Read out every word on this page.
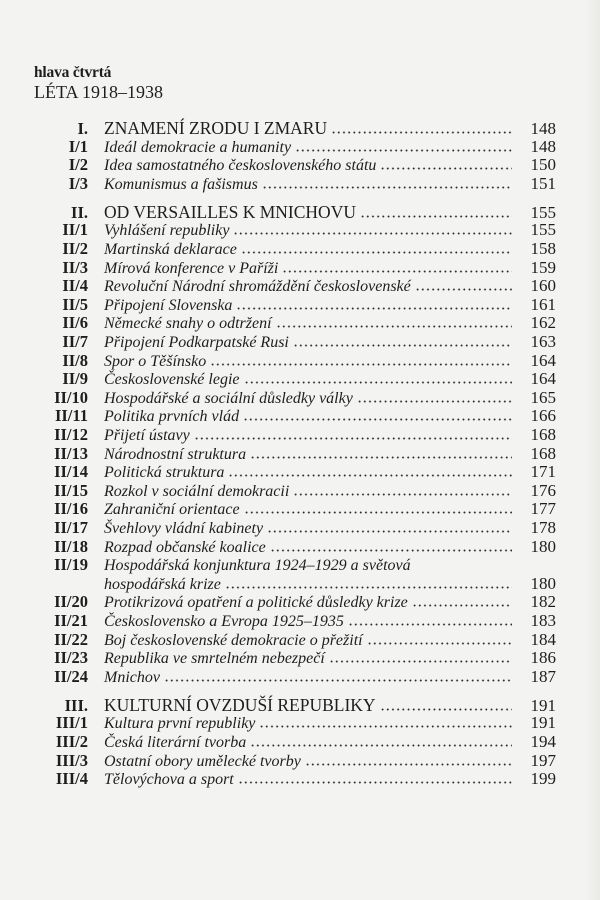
hlava čtvrtá
LÉTA 1918–1938
I. ZNAMENÍ ZRODU I ZMARU	148
I/1	Ideál demokracie a humanity	148
I/2	Idea samostatného československého státu	150
I/3	Komunismus a fašismus	151
II. OD VERSAILLES K MNICHOVU	155
II/1	Vyhlášení republiky	155
II/2	Martinská deklarace	158
II/3	Mírová konference v Paříži	159
II/4	Revoluční Národní shromáždění československé	160
II/5	Připojení Slovenska	161
II/6	Německé snahy o odtržení	162
II/7	Připojení Podkarpatské Rusi	163
II/8	Spor o Těšínsko	164
II/9	Československé legie	164
II/10	Hospodářské a sociální důsledky války	165
II/11	Politika prvních vlád	166
II/12	Přijetí ústavy	168
II/13	Národnostní struktura	168
II/14	Politická struktura	171
II/15	Rozkol v sociální demokracii	176
II/16	Zahraniční orientace	177
II/17	Švehlovy vládní kabinety	178
II/18	Rozpad občanské koalice	180
II/19	Hospodářská konjunktura 1924–1929 a světová
hospodářská krize	180
II/20	Protikrizová opatření a politické důsledky krize	182
II/21	Československo a Evropa 1925–1935	183
II/22	Boj československé demokracie o přežití	184
II/23	Republika ve smrtelném nebezpečí	186
II/24	Mnichov	187
III. KULTURNÍ OVZDUŠÍ REPUBLIKY	191
III/1	Kultura první republiky	191
III/2	Česká literární tvorba	194
III/3	Ostatní obory umělecké tvorby	197
III/4	Tělovýchova a sport	199
